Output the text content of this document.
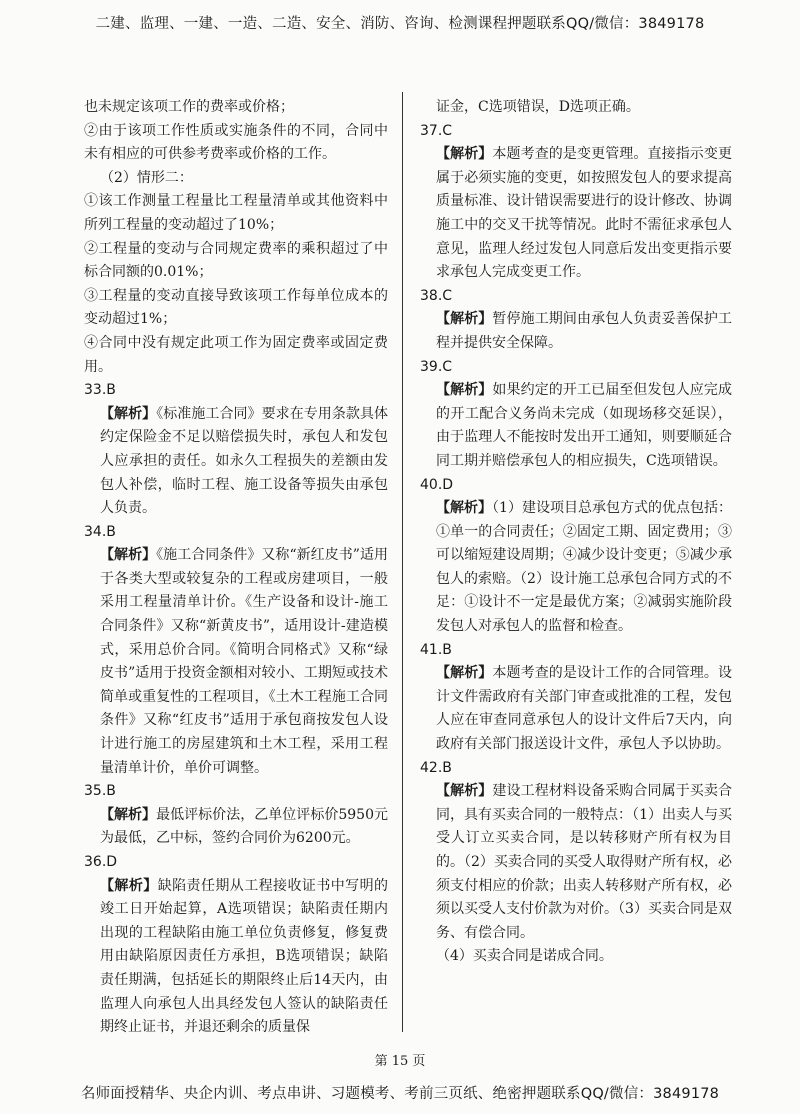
二建、监理、一建、一造、二造、安全、消防、咨询、检测课程押题联系QQ/微信：3849178

也未规定该项工作的费率或价格；

②由于该项工作性质或实施条件的不同，合同中未有相应的可供参考费率或价格的工作。

（2）情形二：

①该工作测量工程量比工程量清单或其他资料中所列工程量的变动超过了10%；

②工程量的变动与合同规定费率的乘积超过了中标合同额的0.01%；

③工程量的变动直接导致该项工作每单位成本的变动超过1%；

④合同中没有规定此项工作为固定费率或固定费用。

33.B

【解析】《标准施工合同》要求在专用条款具体约定保险金不足以赔偿损失时，承包人和发包人应承担的责任。如永久工程损失的差额由发包人补偿，临时工程、施工设备等损失由承包人负责。

34.B

【解析】《施工合同条件》又称“新红皮书”适用于各类大型或较复杂的工程或房建项目，一般采用工程量清单计价。《生产设备和设计-施工合同条件》又称“新黄皮书”，适用设计-建造模式，采用总价合同。《简明合同格式》又称“绿皮书”适用于投资金额相对较小、工期短或技术简单或重复性的工程项目，《土木工程施工合同条件》又称“红皮书”适用于承包商按发包人设计进行施工的房屋建筑和土木工程，采用工程量清单计价，单价可调整。

35.B

【解析】最低评标价法，乙单位评标价5950元为最低，乙中标，签约合同价为6200元。

36.D

【解析】缺陷责任期从工程接收证书中写明的竣工日开始起算，A选项错误；缺陷责任期内出现的工程缺陷由施工单位负责修复，修复费用由缺陷原因责任方承担，B选项错误；缺陷责任期满，包括延长的期限终止后14天内，由监理人向承包人出具经发包人签认的缺陷责任期终止证书，并退还剩余的质量保

证金，C选项错误，D选项正确。

37.C

【解析】本题考查的是变更管理。直接指示变更属于必须实施的变更，如按照发包人的要求提高质量标准、设计错误需要进行的设计修改、协调施工中的交叉干扰等情况。此时不需征求承包人意见，监理人经过发包人同意后发出变更指示要求承包人完成变更工作。

38.C

【解析】暂停施工期间由承包人负责妥善保护工程并提供安全保障。

39.C

【解析】如果约定的开工已届至但发包人应完成的开工配合义务尚未完成（如现场移交延误），由于监理人不能按时发出开工通知，则要顺延合同工期并赔偿承包人的相应损失，C选项错误。

40.D

【解析】（1）建设项目总承包方式的优点包括：①单一的合同责任；②固定工期、固定费用；③可以缩短建设周期；④减少设计变更；⑤减少承包人的索赔。（2）设计施工总承包合同方式的不足：①设计不一定是最优方案；②减弱实施阶段发包人对承包人的监督和检查。

41.B

【解析】本题考查的是设计工作的合同管理。设计文件需政府有关部门审查或批准的工程，发包人应在审查同意承包人的设计文件后7天内，向政府有关部门报送设计文件，承包人予以协助。

42.B

【解析】建设工程材料设备采购合同属于买卖合同，具有买卖合同的一般特点：（1）出卖人与买受人订立买卖合同，是以转移财产所有权为目的。（2）买卖合同的买受人取得财产所有权，必须支付相应的价款；出卖人转移财产所有权，必须以买受人支付价款为对价。（3）买卖合同是双务、有偿合同。

（4）买卖合同是诺成合同。

第 15 页
名师面授精华、央企内训、考点串讲、习题模考、考前三页纸、绝密押题联系QQ/微信：3849178
